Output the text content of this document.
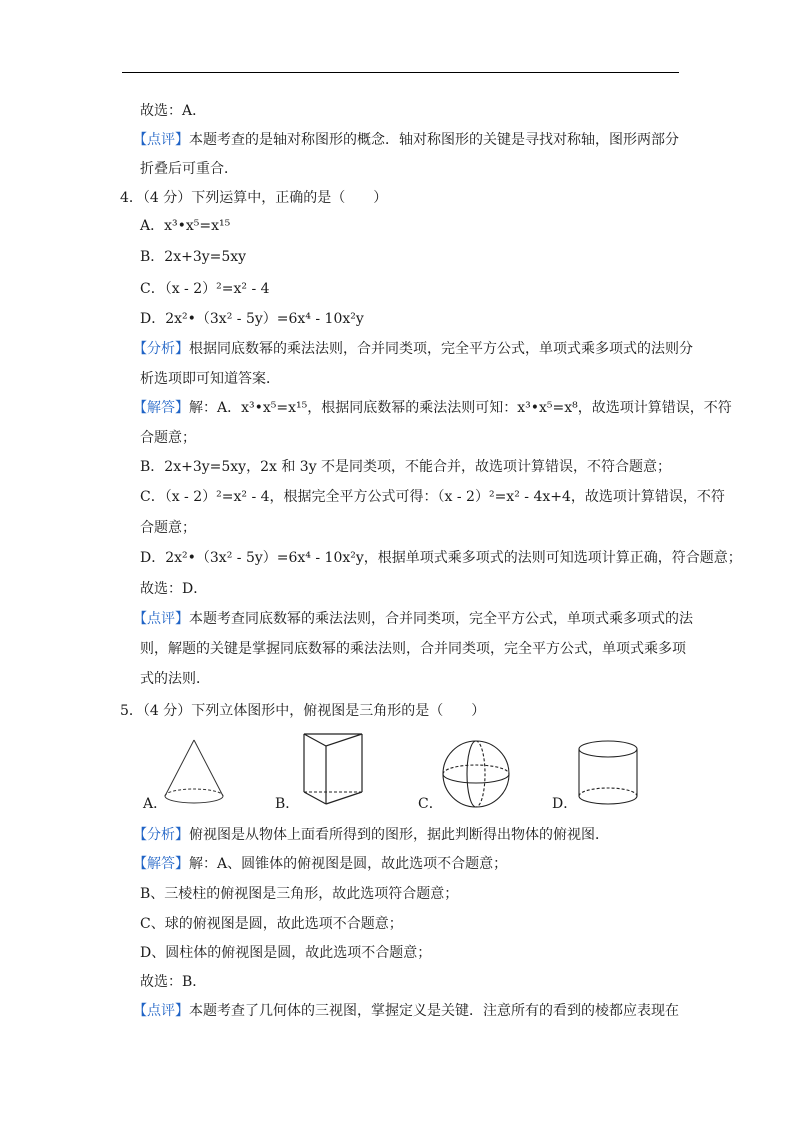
故选：A．
【点评】本题考查的是轴对称图形的概念．轴对称图形的关键是寻找对称轴，图形两部分
折叠后可重合．
4．（4 分）下列运算中，正确的是（　　）
A．x³•x⁵=x¹⁵
B．2x+3y=5xy
C．（x - 2）²=x² - 4
D．2x²•（3x² - 5y）=6x⁴ - 10x²y
【分析】根据同底数幂的乘法法则，合并同类项，完全平方公式，单项式乘多项式的法则分
析选项即可知道答案．
【解答】解：A．x³•x⁵=x¹⁵，根据同底数幂的乘法法则可知：x³•x⁵=x⁸，故选项计算错误，不符
合题意；
B．2x+3y=5xy，2x 和 3y 不是同类项，不能合并，故选项计算错误，不符合题意；
C．（x - 2）²=x² - 4，根据完全平方公式可得：（x - 2）²=x² - 4x+4，故选项计算错误，不符
合题意；
D．2x²•（3x² - 5y）=6x⁴ - 10x²y，根据单项式乘多项式的法则可知选项计算正确，符合题意；
故选：D．
【点评】本题考查同底数幂的乘法法则，合并同类项，完全平方公式，单项式乘多项式的法
则，解题的关键是掌握同底数幂的乘法法则，合并同类项，完全平方公式，单项式乘多项
式的法则．
5．（4 分）下列立体图形中，俯视图是三角形的是（　　）
A．	B．	C．	D．
【分析】俯视图是从物体上面看所得到的图形，据此判断得出物体的俯视图．
【解答】解：A、圆锥体的俯视图是圆，故此选项不合题意；
B、三棱柱的俯视图是三角形，故此选项符合题意；
C、球的俯视图是圆，故此选项不合题意；
D、圆柱体的俯视图是圆，故此选项不合题意；
故选：B．
【点评】本题考查了几何体的三视图，掌握定义是关键．注意所有的看到的棱都应表现在
